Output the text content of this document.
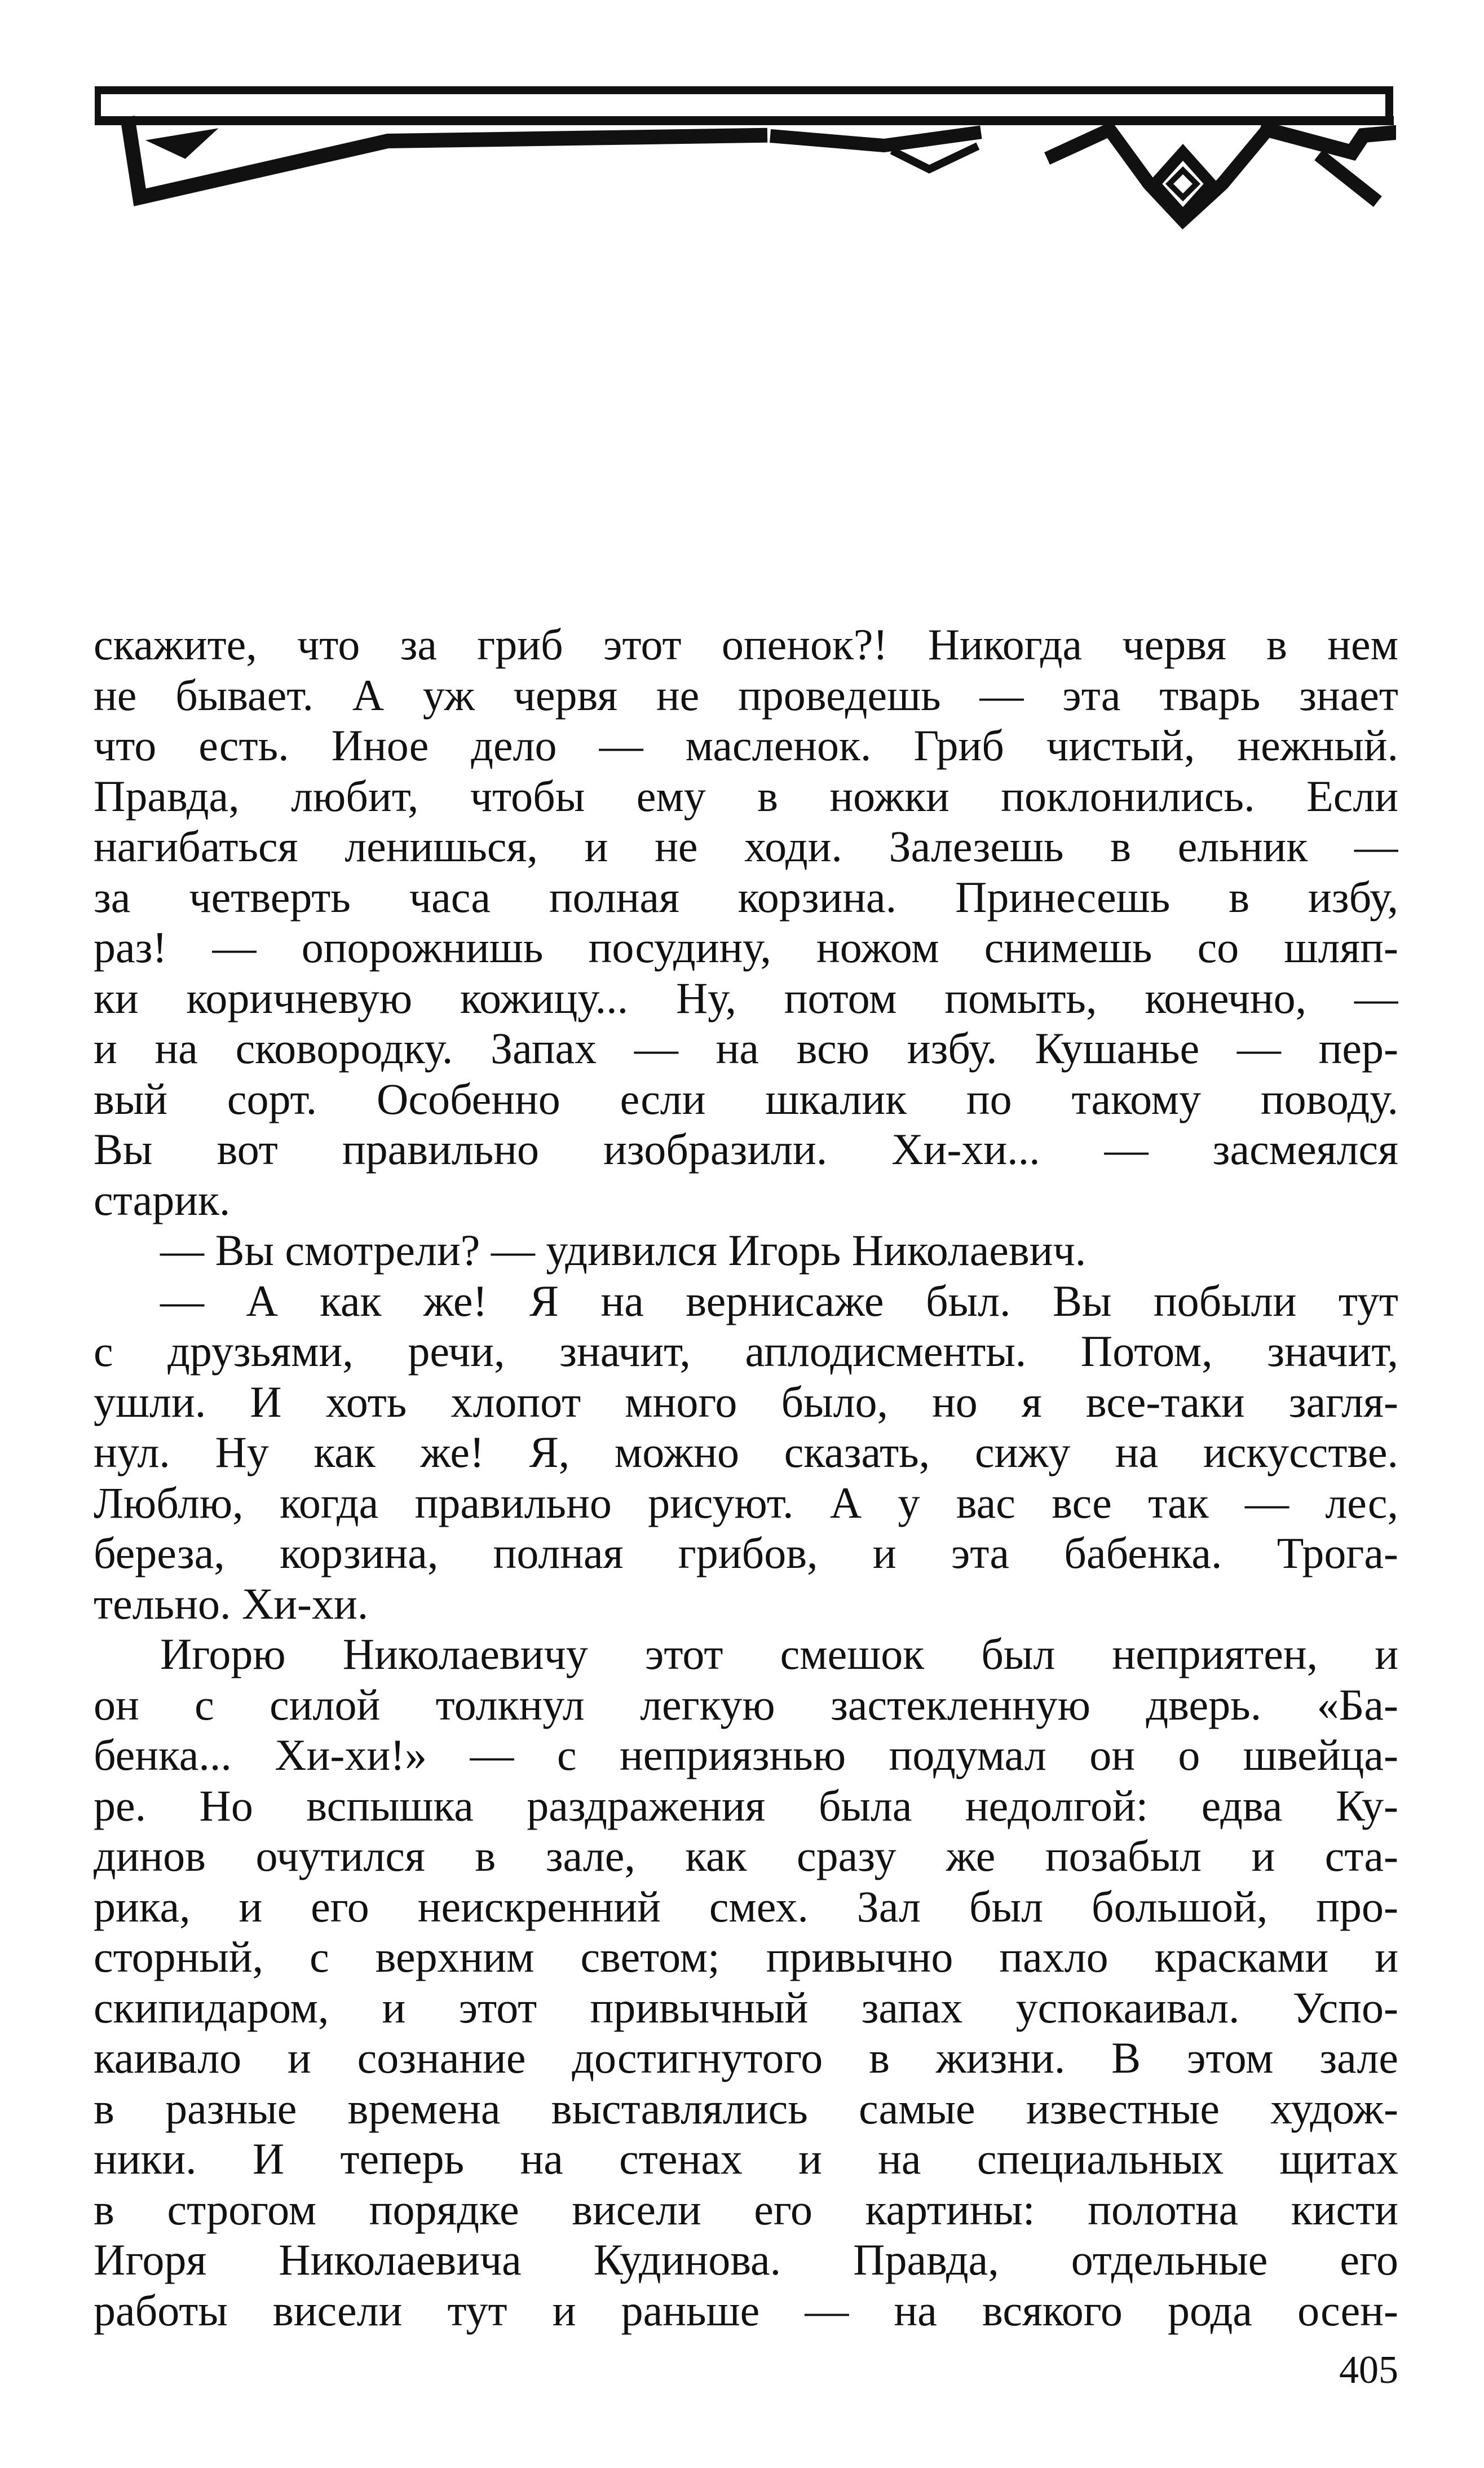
скажите, что за гриб этот опенок?! Никогда червя в нем
не бывает. А уж червя не проведешь — эта тварь знает
что есть. Иное дело — масленок. Гриб чистый, нежный.
Правда, любит, чтобы ему в ножки поклонились. Если
нагибаться ленишься, и не ходи. Залезешь в ельник —
за четверть часа полная корзина. Принесешь в избу,
раз! — опорожнишь посудину, ножом снимешь со шляп-
ки коричневую кожицу... Ну, потом помыть, конечно, —
и на сковородку. Запах — на всю избу. Кушанье — пер-
вый сорт. Особенно если шкалик по такому поводу.
Вы вот правильно изобразили. Хи-хи... — засмеялся
старик.
— Вы смотрели? — удивился Игорь Николаевич.
— А как же! Я на вернисаже был. Вы побыли тут
с друзьями, речи, значит, аплодисменты. Потом, значит,
ушли. И хоть хлопот много было, но я все-таки загля-
нул. Ну как же! Я, можно сказать, сижу на искусстве.
Люблю, когда правильно рисуют. А у вас все так — лес,
береза, корзина, полная грибов, и эта бабенка. Трога-
тельно. Хи-хи.
Игорю Николаевичу этот смешок был неприятен, и
он с силой толкнул легкую застекленную дверь. «Ба-
бенка... Хи-хи!» — с неприязнью подумал он о швейца-
ре. Но вспышка раздражения была недолгой: едва Ку-
динов очутился в зале, как сразу же позабыл и ста-
рика, и его неискренний смех. Зал был большой, про-
сторный, с верхним светом; привычно пахло красками и
скипидаром, и этот привычный запах успокаивал. Успо-
каивало и сознание достигнутого в жизни. В этом зале
в разные времена выставлялись самые известные худож-
ники. И теперь на стенах и на специальных щитах
в строгом порядке висели его картины: полотна кисти
Игоря Николаевича Кудинова. Правда, отдельные его
работы висели тут и раньше — на всякого рода осен-
405
